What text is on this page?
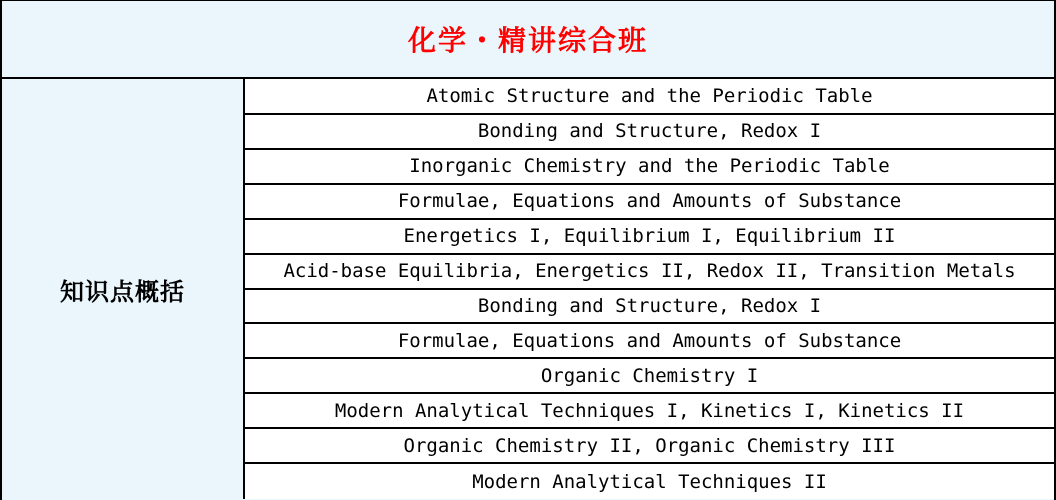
化学・精讲综合班
知识点概括
Atomic Structure and the Periodic Table
Bonding and Structure, Redox I
Inorganic Chemistry and the Periodic Table
Formulae, Equations and Amounts of Substance
Energetics I, Equilibrium I, Equilibrium II
Acid-base Equilibria, Energetics II, Redox II, Transition Metals
Bonding and Structure, Redox I
Formulae, Equations and Amounts of Substance
Organic Chemistry I
Modern Analytical Techniques I, Kinetics I, Kinetics II
Organic Chemistry II, Organic Chemistry III
Modern Analytical Techniques II
